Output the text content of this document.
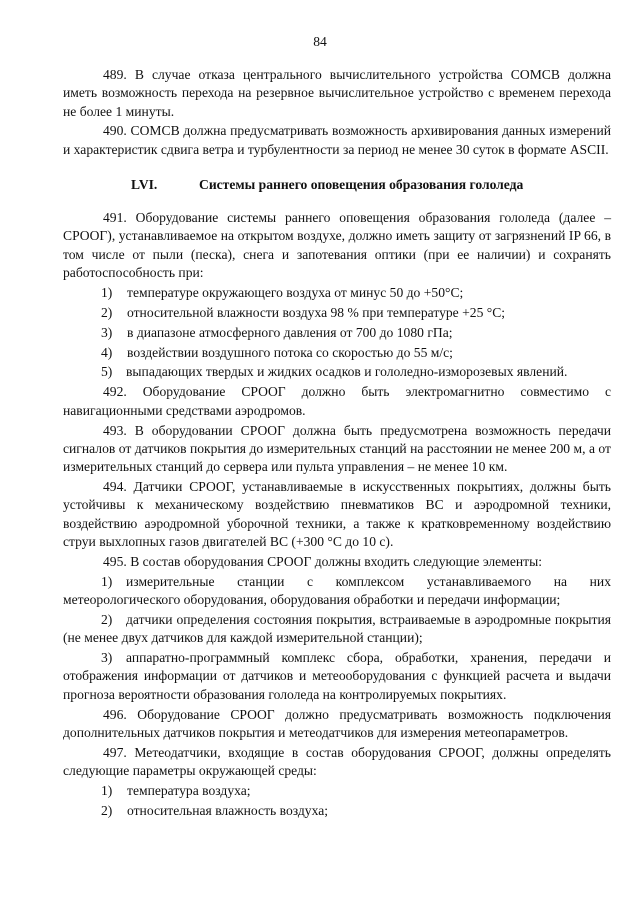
84

489. В случае отказа центрального вычислительного устройства СОМСВ должна иметь возможность перехода на резервное вычислительное устройство с временем перехода не более 1 минуты.

490. СОМСВ должна предусматривать возможность архивирования данных измерений и характеристик сдвига ветра и турбулентности за период не менее 30 суток в формате ASCII.

LVI.	Системы раннего оповещения образования гололеда

491. Оборудование системы раннего оповещения образования гололеда (далее – СРООГ), устанавливаемое на открытом воздухе, должно иметь защиту от загрязнений IP 66, в том числе от пыли (песка), снега и запотевания оптики (при ее наличии) и сохранять работоспособность при:

1)	температуре окружающего воздуха от минус 50 до +50°С;
2)	относительной влажности воздуха 98 % при температуре +25 °С;
3)	в диапазоне атмосферного давления от 700 до 1080 гПа;
4)	воздействии воздушного потока со скоростью до 55 м/с;
5) выпадающих твердых и жидких осадков и гололедно-изморозевых явлений.

492. Оборудование СРООГ должно быть электромагнитно совместимо с навигационными средствами аэродромов.

493. В оборудовании СРООГ должна быть предусмотрена возможность передачи сигналов от датчиков покрытия до измерительных станций на расстоянии не менее 200 м, а от измерительных станций до сервера или пульта управления – не менее 10 км.

494. Датчики СРООГ, устанавливаемые в искусственных покрытиях, должны быть устойчивы к механическому воздействию пневматиков ВС и аэродромной техники, воздействию аэродромной уборочной техники, а также к кратковременному воздействию струи выхлопных газов двигателей ВС (+300 °С до 10 с).

495. В состав оборудования СРООГ должны входить следующие элементы:

1) измерительные станции с комплексом устанавливаемого на них метеорологического оборудования, оборудования обработки и передачи информации;
2) датчики определения состояния покрытия, встраиваемые в аэродромные покрытия (не менее двух датчиков для каждой измерительной станции);
3) аппаратно-программный комплекс сбора, обработки, хранения, передачи и отображения информации от датчиков и метеооборудования с функцией расчета и выдачи прогноза вероятности образования гололеда на контролируемых покрытиях.

496. Оборудование СРООГ должно предусматривать возможность подключения дополнительных датчиков покрытия и метеодатчиков для измерения метеопараметров.

497. Метеодатчики, входящие в состав оборудования СРООГ, должны определять следующие параметры окружающей среды:

1)	температура воздуха;
2)	относительная влажность воздуха;
